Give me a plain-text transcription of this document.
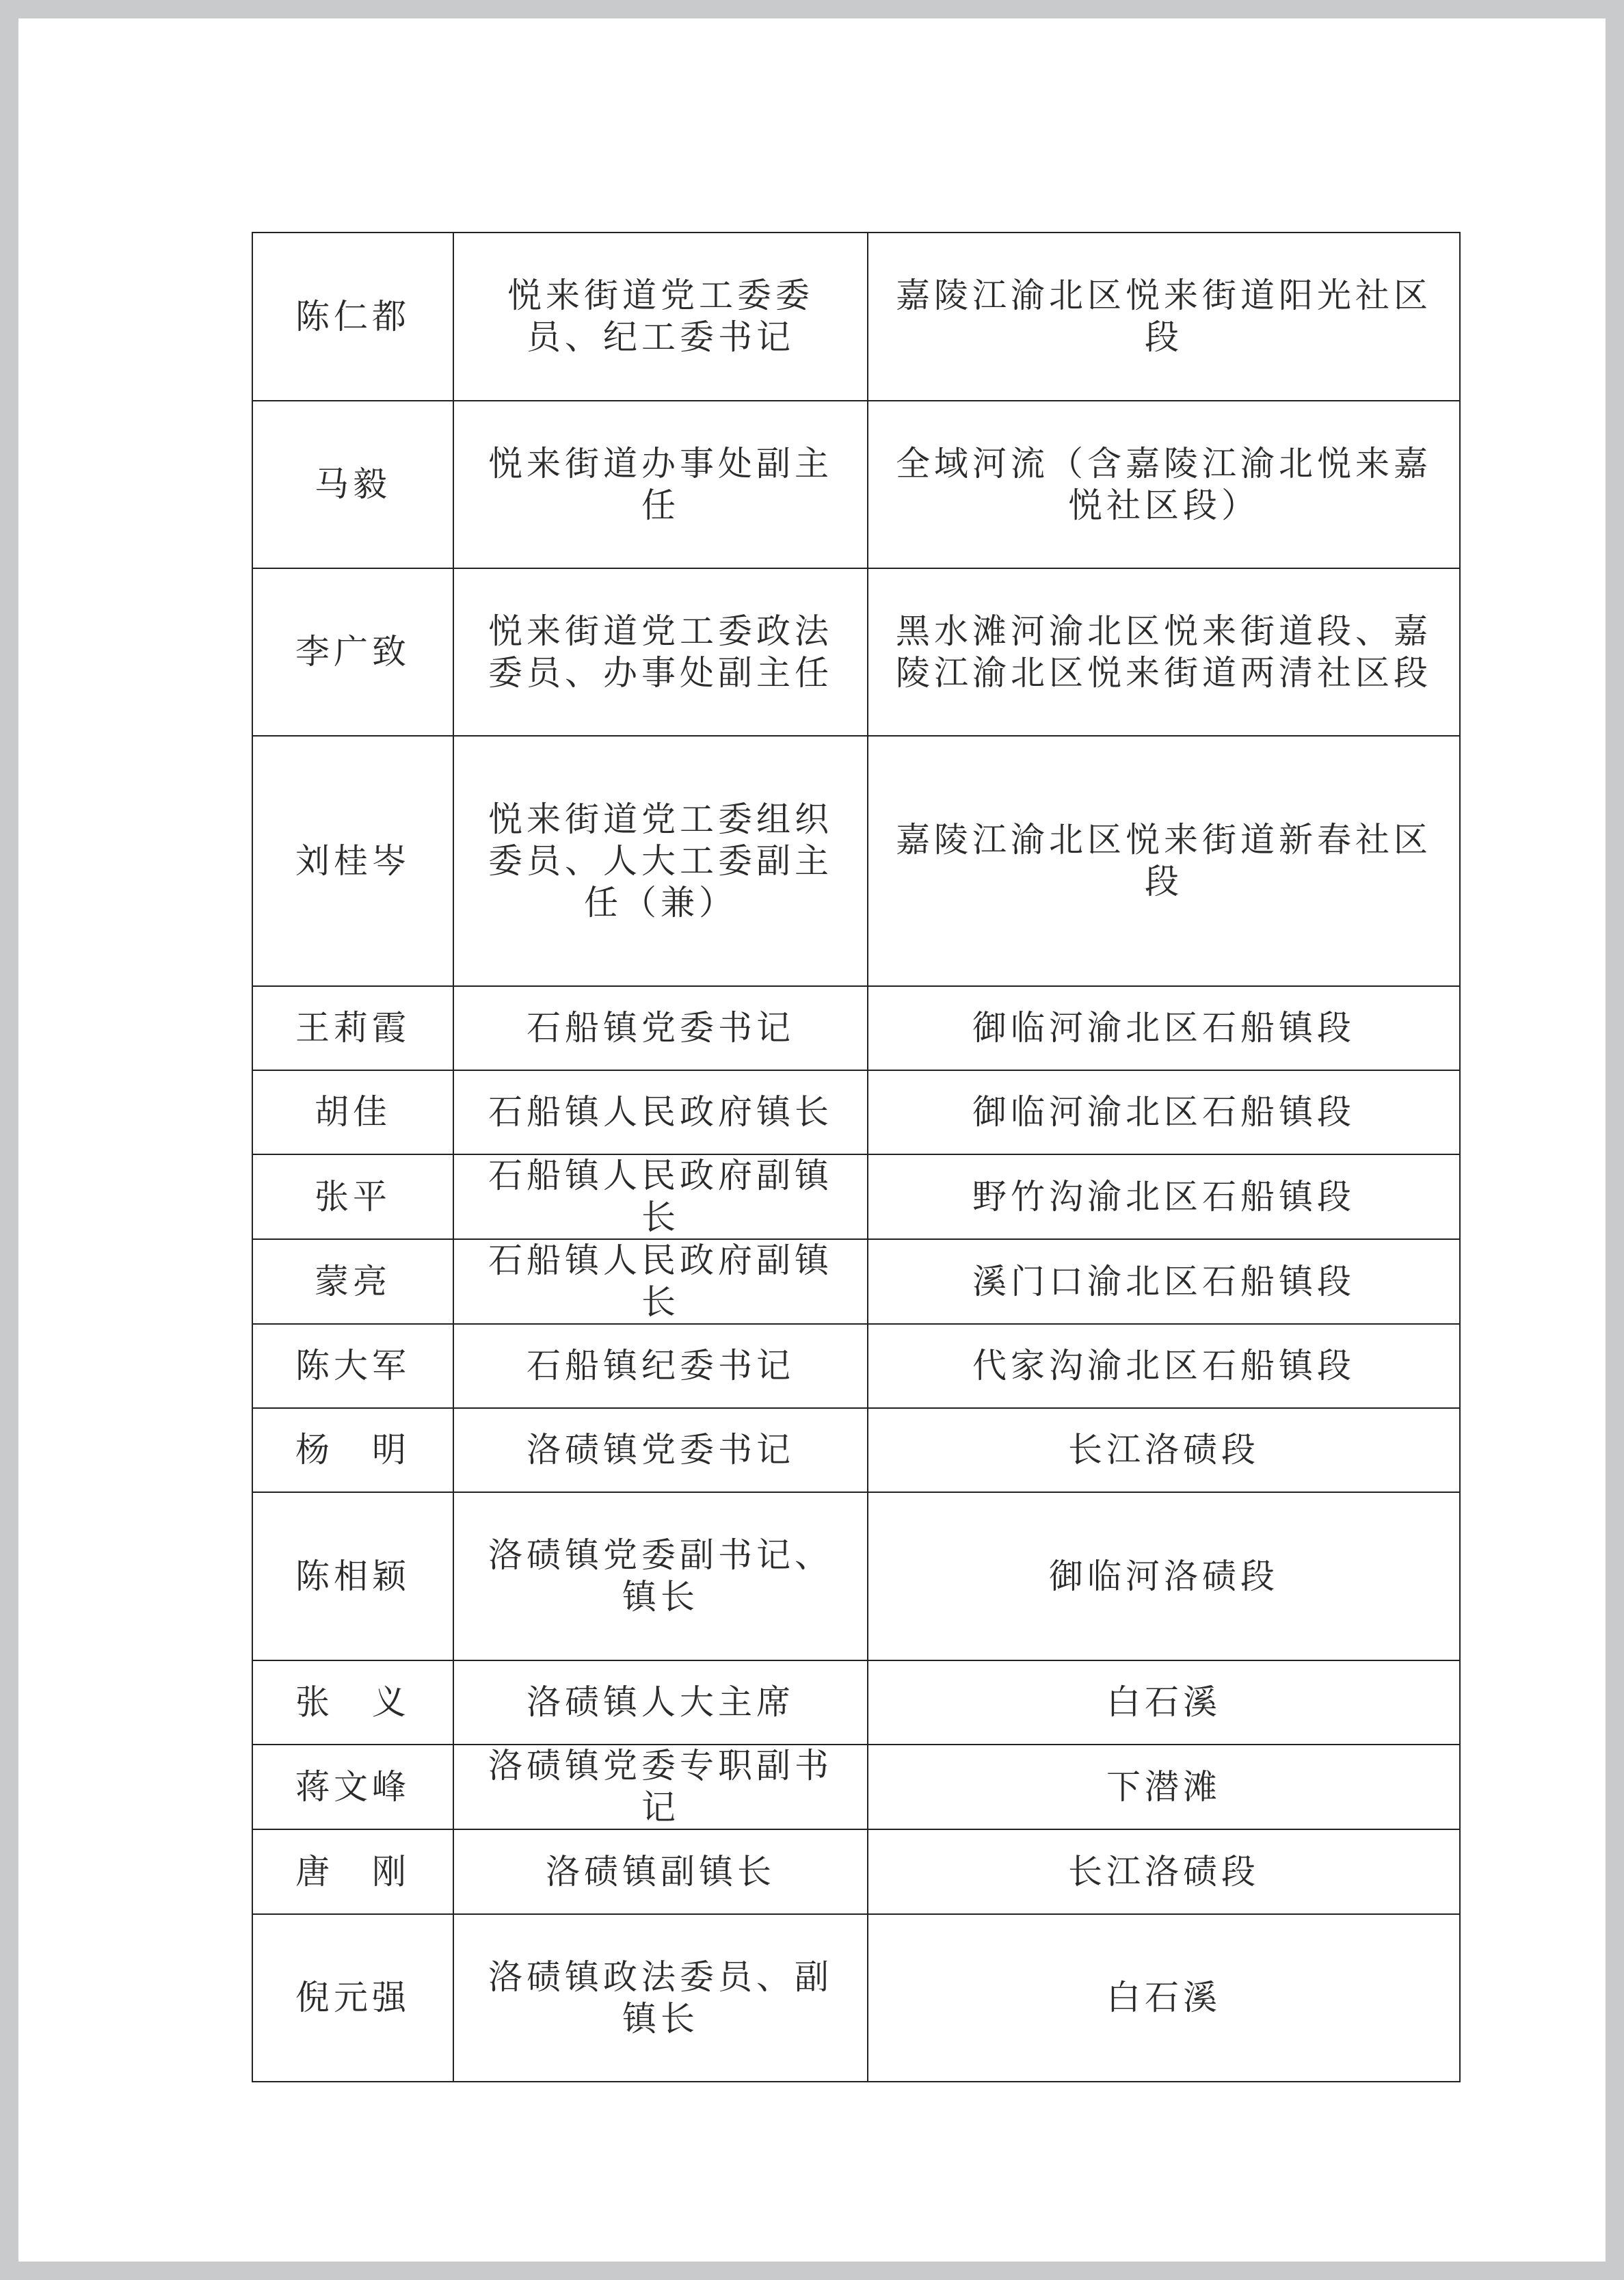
陈仁都	悦来街道党工委委员、纪工委书记	嘉陵江渝北区悦来街道阳光社区段
马毅	悦来街道办事处副主任	全域河流（含嘉陵江渝北悦来嘉悦社区段）
李广致	悦来街道党工委政法委员、办事处副主任	黑水滩河渝北区悦来街道段、嘉陵江渝北区悦来街道两清社区段
刘桂岑	悦来街道党工委组织委员、人大工委副主任（兼）	嘉陵江渝北区悦来街道新春社区段
王莉霞	石船镇党委书记	御临河渝北区石船镇段
胡佳	石船镇人民政府镇长	御临河渝北区石船镇段
张平	石船镇人民政府副镇长	野竹沟渝北区石船镇段
蒙亮	石船镇人民政府副镇长	溪门口渝北区石船镇段
陈大军	石船镇纪委书记	代家沟渝北区石船镇段
杨　明	洛碛镇党委书记	长江洛碛段
陈相颖	洛碛镇党委副书记、镇长	御临河洛碛段
张　义	洛碛镇人大主席	白石溪
蒋文峰	洛碛镇党委专职副书记	下潜滩
唐　刚	洛碛镇副镇长	长江洛碛段
倪元强	洛碛镇政法委员、副镇长	白石溪
